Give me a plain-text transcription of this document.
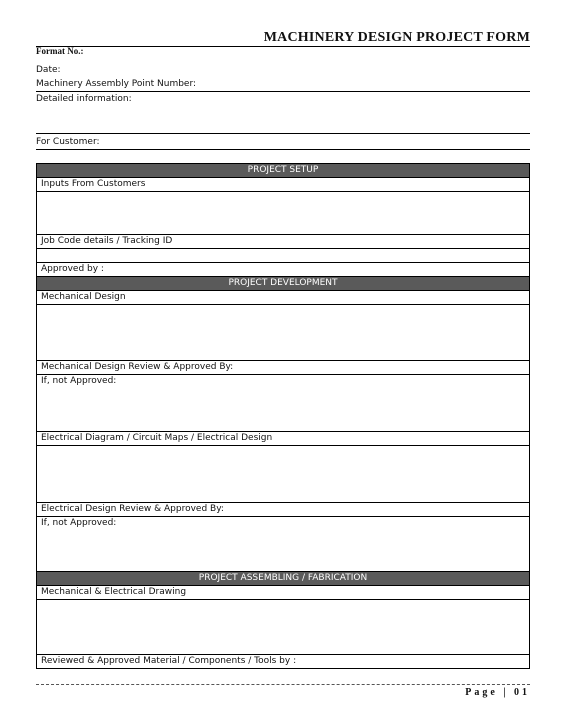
MACHINERY DESIGN PROJECT FORM
Format No.:
Date:
Machinery Assembly Point Number:
Detailed information:
For Customer:
PROJECT SETUP
Inputs From Customers

Job Code details / Tracking ID

Approved by :
PROJECT DEVELOPMENT
Mechanical Design

Mechanical Design Review & Approved By:
If, not Approved:
Electrical Diagram / Circuit Maps / Electrical Design

Electrical Design Review & Approved By:
If, not Approved:
PROJECT ASSEMBLING / FABRICATION
Mechanical & Electrical Drawing

Reviewed & Approved Material / Components / Tools by :
Page | 01
